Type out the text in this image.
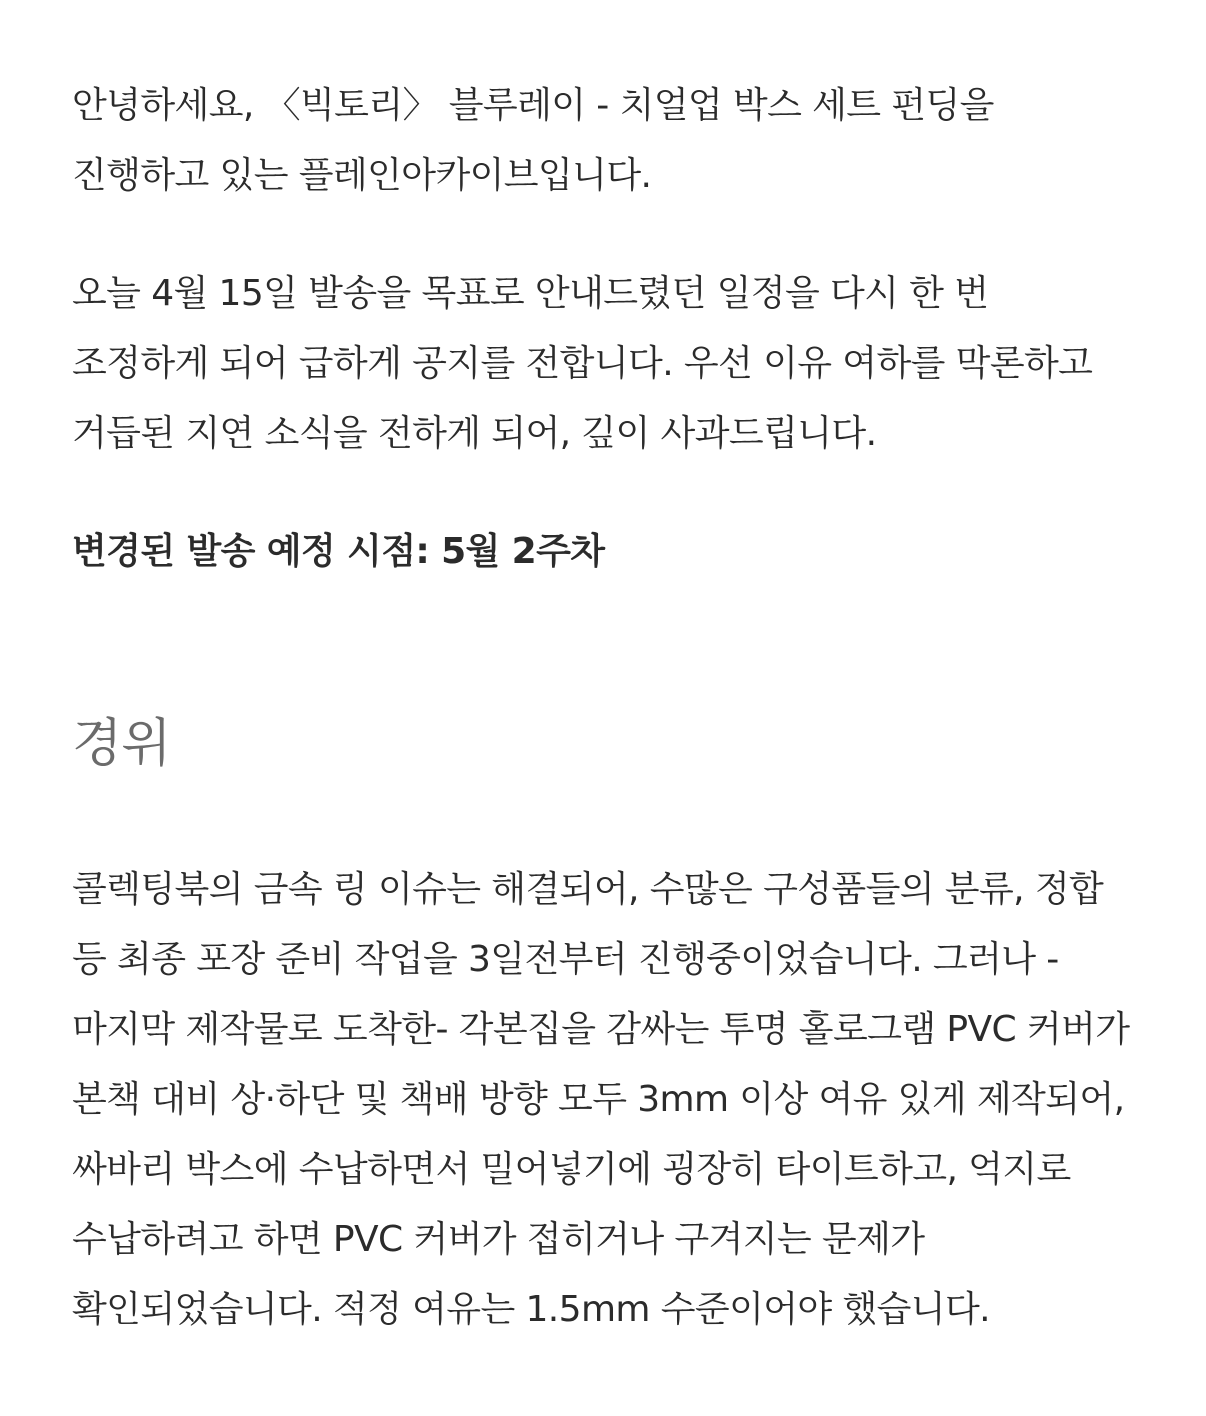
안녕하세요, 〈빅토리〉 블루레이 - 치얼업 박스 세트 펀딩을 진행하고 있는 플레인아카이브입니다.

오늘 4월 15일 발송을 목표로 안내드렸던 일정을 다시 한 번 조정하게 되어 급하게 공지를 전합니다. 우선 이유 여하를 막론하고 거듭된 지연 소식을 전하게 되어, 깊이 사과드립니다.

변경된 발송 예정 시점: 5월 2주차

경위

콜렉팅북의 금속 링 이슈는 해결되어, 수많은 구성품들의 분류, 정합 등 최종 포장 준비 작업을 3일전부터 진행중이었습니다. 그러나 -마지막 제작물로 도착한- 각본집을 감싸는 투명 홀로그램 PVC 커버가 본책 대비 상·하단 및 책배 방향 모두 3mm 이상 여유 있게 제작되어, 싸바리 박스에 수납하면서 밀어넣기에 굉장히 타이트하고, 억지로 수납하려고 하면 PVC 커버가 접히거나 구겨지는 문제가 확인되었습니다. 적정 여유는 1.5mm 수준이어야 했습니다.
